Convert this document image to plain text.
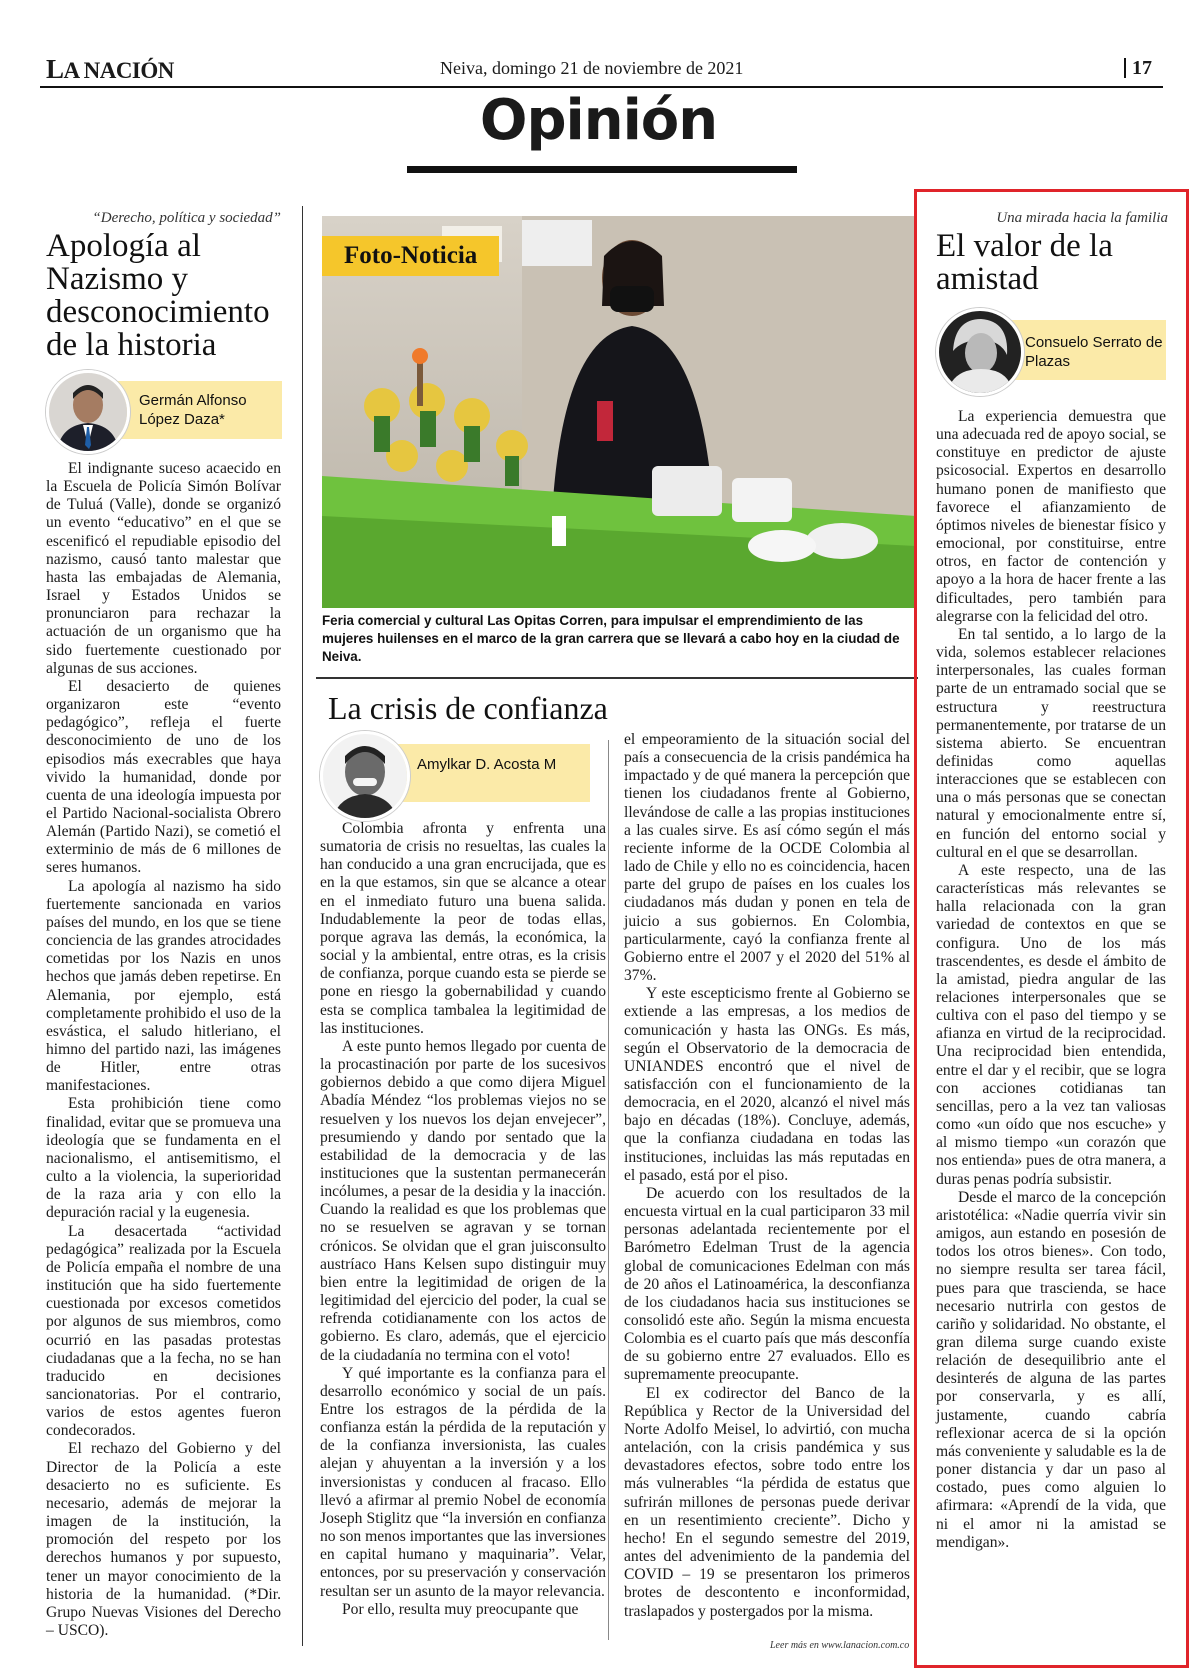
LA NACIÓN	Neiva, domingo 21 de noviembre de 2021	17
Opinión
“Derecho, política y sociedad”
Apología al Nazismo y desconocimiento de la historia
Germán Alfonso López Daza*

El indignante suceso acaecido en la Escuela de Policía Simón Bolívar de Tuluá (Valle), donde se organizó un evento “educativo” en el que se escenificó el repudiable episodio del nazismo, causó tanto malestar que hasta las embajadas de Alemania, Israel y Estados Unidos se pronunciaron para rechazar la actuación de un organismo que ha sido fuertemente cuestionado por algunas de sus acciones.

El desacierto de quienes organizaron este “evento pedagógico”, refleja el fuerte desconocimiento de uno de los episodios más execrables que haya vivido la humanidad, donde por cuenta de una ideología impuesta por el Partido Nacional-socialista Obrero Alemán (Partido Nazi), se cometió el exterminio de más de 6 millones de seres humanos.

La apología al nazismo ha sido fuertemente sancionada en varios países del mundo, en los que se tiene conciencia de las grandes atrocidades cometidas por los Nazis en unos hechos que jamás deben repetirse. En Alemania, por ejemplo, está completamente prohibido el uso de la esvástica, el saludo hitleriano, el himno del partido nazi, las imágenes de Hitler, entre otras manifestaciones.

Esta prohibición tiene como finalidad, evitar que se promueva una ideología que se fundamenta en el nacionalismo, el antisemitismo, el culto a la violencia, la superioridad de la raza aria y con ello la depuración racial y la eugenesia.

La desacertada “actividad pedagógica” realizada por la Escuela de Policía empaña el nombre de una institución que ha sido fuertemente cuestionada por excesos cometidos por algunos de sus miembros, como ocurrió en las pasadas protestas ciudadanas que a la fecha, no se han traducido en decisiones sancionatorias. Por el contrario, varios de estos agentes fueron condecorados.

El rechazo del Gobierno y del Director de la Policía a este desacierto no es suficiente. Es necesario, además de mejorar la imagen de la institución, la promoción del respeto por los derechos humanos y por supuesto, tener un mayor conocimiento de la historia de la humanidad. (*Dir. Grupo Nuevas Visiones del Derecho – USCO).

Foto-Noticia
Feria comercial y cultural Las Opitas Corren, para impulsar el emprendimiento de las mujeres huilenses en el marco de la gran carrera que se llevará a cabo hoy en la ciudad de Neiva.
La crisis de confianza
Amylkar D. Acosta M

Colombia afronta y enfrenta una sumatoria de crisis no resueltas, las cuales la han conducido a una gran encrucijada, que es en la que estamos, sin que se alcance a otear en el inmediato futuro una buena salida. Indudablemente la peor de todas ellas, porque agrava las demás, la económica, la social y la ambiental, entre otras, es la crisis de confianza, porque cuando esta se pierde se pone en riesgo la gobernabilidad y cuando esta se complica tambalea la legitimidad de las instituciones.

A este punto hemos llegado por cuenta de la procastinación por parte de los sucesivos gobiernos debido a que como dijera Miguel Abadía Méndez “los problemas viejos no se resuelven y los nuevos los dejan envejecer”, presumiendo y dando por sentado que la estabilidad de la democracia y de las instituciones que la sustentan permanecerán incólumes, a pesar de la desidia y la inacción. Cuando la realidad es que los problemas que no se resuelven se agravan y se tornan crónicos. Se olvidan que el gran juisconsulto austríaco Hans Kelsen supo distinguir muy bien entre la legitimidad de origen de la legitimidad del ejercicio del poder, la cual se refrenda cotidianamente con los actos de gobierno. Es claro, además, que el ejercicio de la ciudadanía no termina con el voto!

Y qué importante es la confianza para el desarrollo económico y social de un país. Entre los estragos de la pérdida de la confianza están la pérdida de la reputación y de la confianza inversionista, las cuales alejan y ahuyentan a la inversión y a los inversionistas y conducen al fracaso. Ello llevó a afirmar al premio Nobel de economía Joseph Stiglitz que “la inversión en confianza no son menos importantes que las inversiones en capital humano y maquinaria”. Velar, entonces, por su preservación y conservación resultan ser un asunto de la mayor relevancia.

Por ello, resulta muy preocupante que

el empeoramiento de la situación social del país a consecuencia de la crisis pandémica ha impactado y de qué manera la percepción que tienen los ciudadanos frente al Gobierno, llevándose de calle a las propias instituciones a las cuales sirve. Es así cómo según el más reciente informe de la OCDE Colombia al lado de Chile y ello no es coincidencia, hacen parte del grupo de países en los cuales los ciudadanos más dudan y ponen en tela de juicio a sus gobiernos. En Colombia, particularmente, cayó la confianza frente al Gobierno entre el 2007 y el 2020 del 51% al 37%.

Y este escepticismo frente al Gobierno se extiende a las empresas, a los medios de comunicación y hasta las ONGs. Es más, según el Observatorio de la democracia de UNIANDES encontró que el nivel de satisfacción con el funcionamiento de la democracia, en el 2020, alcanzó el nivel más bajo en décadas (18%). Concluye, además, que la confianza ciudadana en todas las instituciones, incluidas las más reputadas en el pasado, está por el piso.

De acuerdo con los resultados de la encuesta virtual en la cual participaron 33 mil personas adelantada recientemente por el Barómetro Edelman Trust de la agencia global de comunicaciones Edelman con más de 20 años el Latinoamérica, la desconfianza de los ciudadanos hacia sus instituciones se consolidó este año. Según la misma encuesta Colombia es el cuarto país que más desconfía de su gobierno entre 27 evaluados. Ello es supremamente preocupante.

El ex codirector del Banco de la República y Rector de la Universidad del Norte Adolfo Meisel, lo advirtió, con mucha antelación, con la crisis pandémica y sus devastadores efectos, sobre todo entre los más vulnerables “la pérdida de estatus que sufrirán millones de personas puede derivar en un resentimiento creciente”. Dicho y hecho! En el segundo semestre del 2019, antes del advenimiento de la pandemia del COVID – 19 se presentaron los primeros brotes de descontento e inconformidad, traslapados y postergados por la misma.

Leer más en www.lanacion.com.co
Una mirada hacia la familia
El valor de la amistad
Consuelo Serrato de Plazas

La experiencia demuestra que una adecuada red de apoyo social, se constituye en predictor de ajuste psicosocial. Expertos en desarrollo humano ponen de manifiesto que favorece el afianzamiento de óptimos niveles de bienestar físico y emocional, por constituirse, entre otros, en factor de contención y apoyo a la hora de hacer frente a las dificultades, pero también para alegrarse con la felicidad del otro.

En tal sentido, a lo largo de la vida, solemos establecer relaciones interpersonales, las cuales forman parte de un entramado social que se estructura y reestructura permanentemente, por tratarse de un sistema abierto. Se encuentran definidas como aquellas interacciones que se establecen con una o más personas que se conectan natural y emocionalmente entre sí, en función del entorno social y cultural en el que se desarrollan.

A este respecto, una de las características más relevantes se halla relacionada con la gran variedad de contextos en que se configura. Uno de los más trascendentes, es desde el ámbito de la amistad, piedra angular de las relaciones interpersonales que se cultiva con el paso del tiempo y se afianza en virtud de la reciprocidad. Una reciprocidad bien entendida, entre el dar y el recibir, que se logra con acciones cotidianas tan sencillas, pero a la vez tan valiosas como «un oído que nos escuche» y al mismo tiempo «un corazón que nos entienda» pues de otra manera, a duras penas podría subsistir.

Desde el marco de la concepción aristotélica: «Nadie querría vivir sin amigos, aun estando en posesión de todos los otros bienes». Con todo, no siempre resulta ser tarea fácil, pues para que trascienda, se hace necesario nutrirla con gestos de cariño y solidaridad. No obstante, el gran dilema surge cuando existe relación de desequilibrio ante el desinterés de alguna de las partes por conservarla, y es allí, justamente, cuando cabría reflexionar acerca de si la opción más conveniente y saludable es la de poner distancia y dar un paso al costado, pues como alguien lo afirmara: «Aprendí de la vida, que ni el amor ni la amistad se mendigan».
